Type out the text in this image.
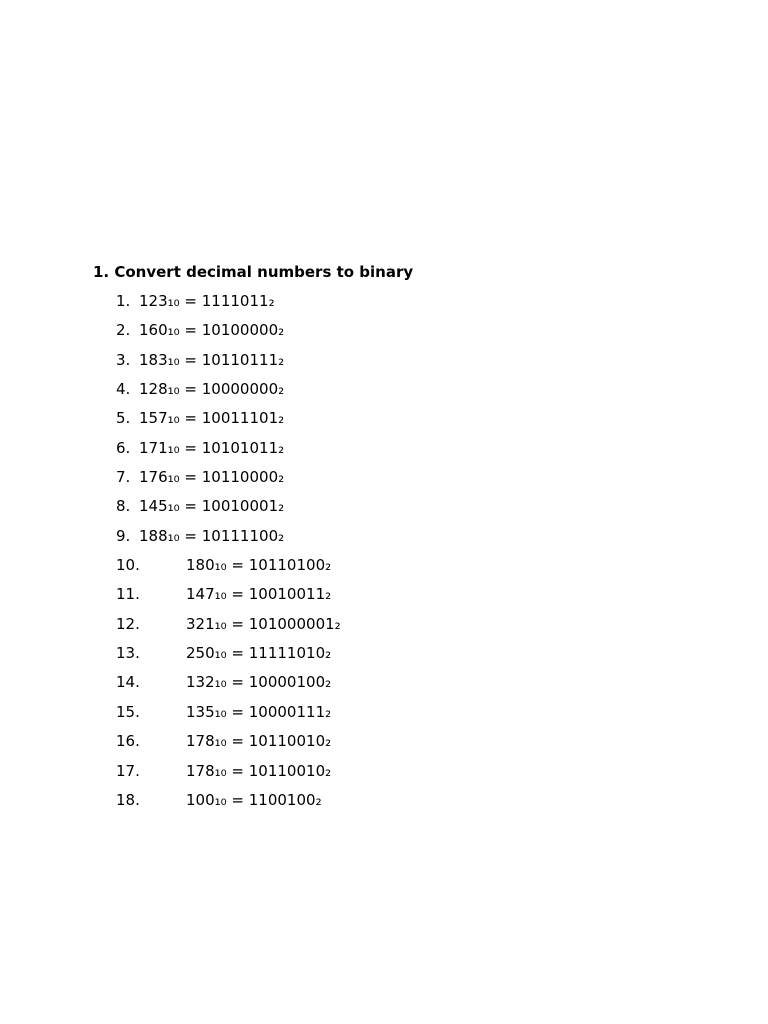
1. Convert decimal numbers to binary
1. 123₁₀ = 1111011₂
2. 160₁₀ = 10100000₂
3. 183₁₀ = 10110111₂
4. 128₁₀ = 10000000₂
5. 157₁₀ = 10011101₂
6. 171₁₀ = 10101011₂
7. 176₁₀ = 10110000₂
8. 145₁₀ = 10010001₂
9. 188₁₀ = 10111100₂
10.	180₁₀ = 10110100₂
11.	147₁₀ = 10010011₂
12.	321₁₀ = 101000001₂
13.	250₁₀ = 11111010₂
14.	132₁₀ = 10000100₂
15.	135₁₀ = 10000111₂
16.	178₁₀ = 10110010₂
17.	178₁₀ = 10110010₂
18.	100₁₀ = 1100100₂
